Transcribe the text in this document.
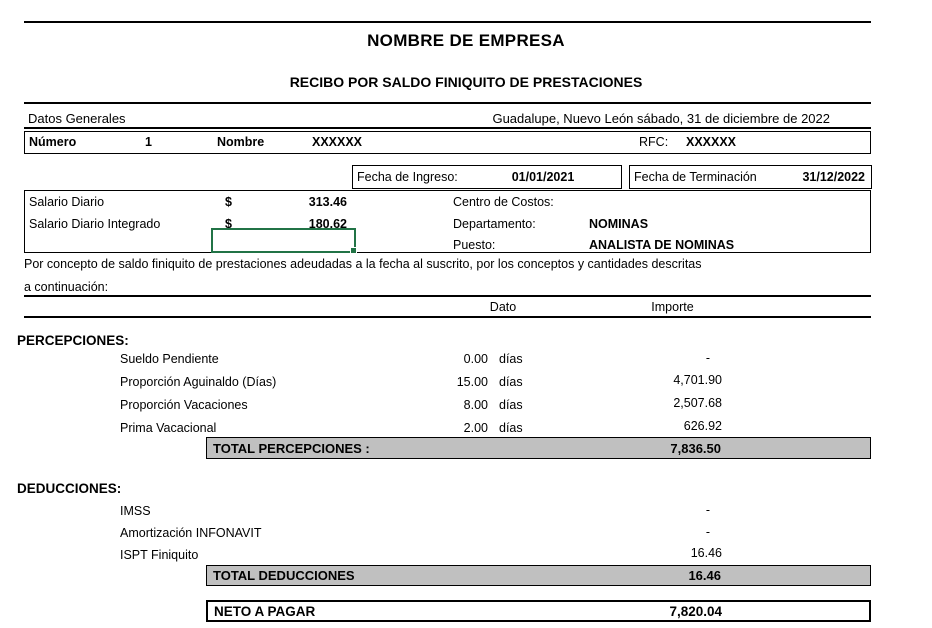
NOMBRE DE EMPRESA
RECIBO POR SALDO FINIQUITO DE PRESTACIONES
Datos Generales	Guadalupe, Nuevo León sábado, 31 de diciembre de 2022
Número	1	Nombre	XXXXXX	RFC: XXXXXX
Fecha de Ingreso:	01/01/2021	Fecha de Terminación	31/12/2022
Salario Diario	$	313.46	Centro de Costos:
Salario Diario Integrado	$	180.62	Departamento:	NOMINAS
Puesto:	ANALISTA DE NOMINAS
Por concepto de saldo finiquito de prestaciones adeudadas a la fecha al suscrito, por los conceptos y cantidades descritas
a continuación:
Dato	Importe
PERCEPCIONES:
Sueldo Pendiente	0.00 días	-
Proporción Aguinaldo (Días)	15.00 días	4,701.90
Proporción Vacaciones	8.00 días	2,507.68
Prima Vacacional	2.00 días	626.92
TOTAL PERCEPCIONES :	7,836.50
DEDUCCIONES:
IMSS	-
Amortización INFONAVIT	-
ISPT Finiquito	16.46
TOTAL DEDUCCIONES	16.46
NETO A PAGAR	7,820.04
